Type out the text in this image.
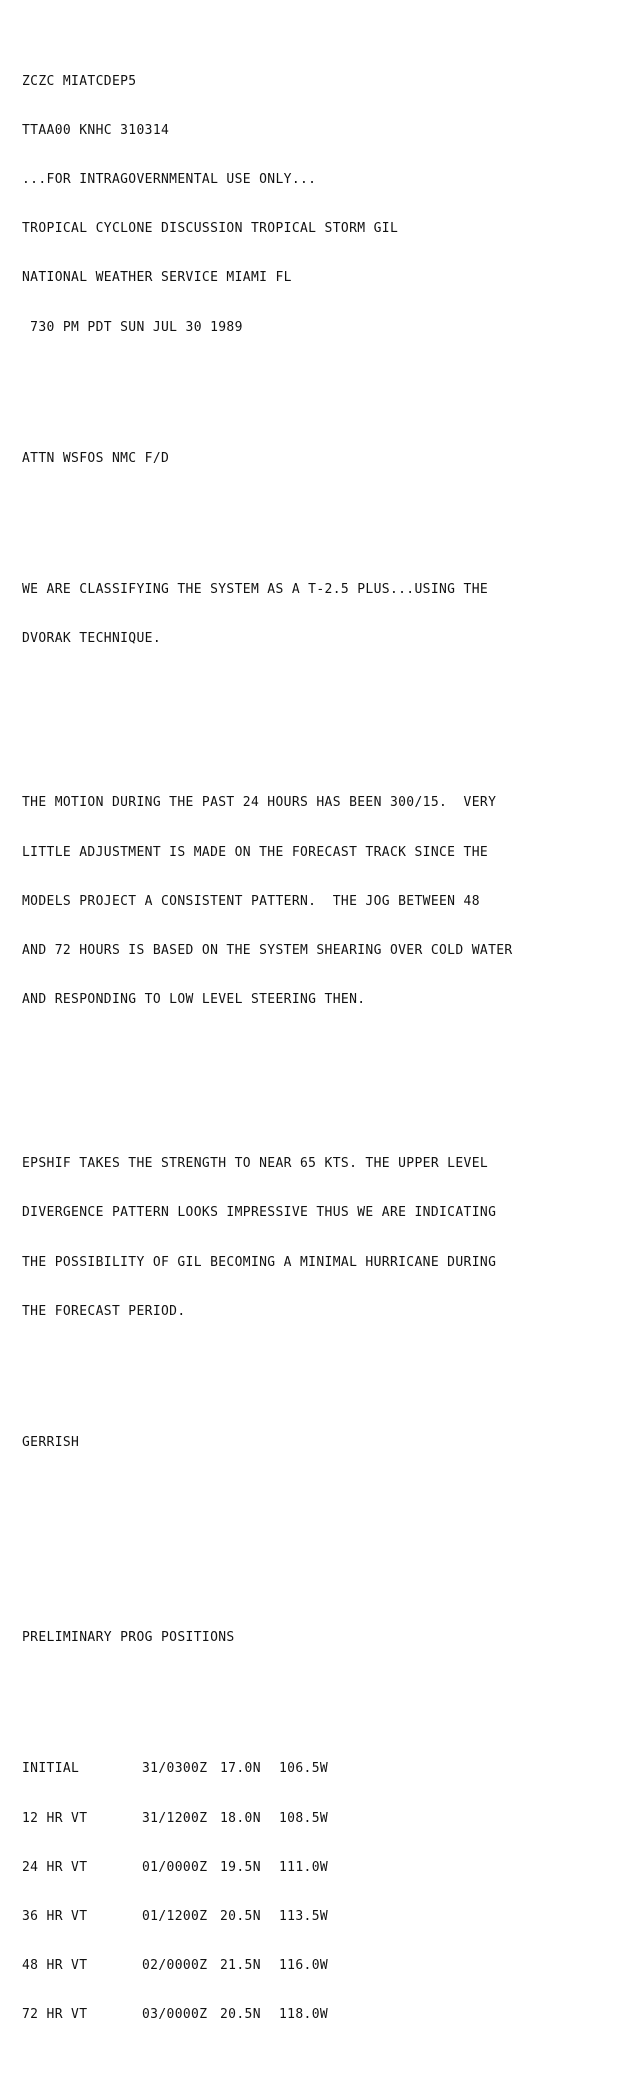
ZCZC MIATCDEP5

TTAA00 KNHC 310314

...FOR INTRAGOVERNMENTAL USE ONLY...

TROPICAL CYCLONE DISCUSSION TROPICAL STORM GIL

NATIONAL WEATHER SERVICE MIAMI FL

730 PM PDT SUN JUL 30 1989

ATTN WSFOS NMC F/D

WE ARE CLASSIFYING THE SYSTEM AS A T-2.5 PLUS...USING THE

DVORAK TECHNIQUE.

THE MOTION DURING THE PAST 24 HOURS HAS BEEN 300/15.  VERY

LITTLE ADJUSTMENT IS MADE ON THE FORECAST TRACK SINCE THE

MODELS PROJECT A CONSISTENT PATTERN.  THE JOG BETWEEN 48

AND 72 HOURS IS BASED ON THE SYSTEM SHEARING OVER COLD WATER

AND RESPONDING TO LOW LEVEL STEERING THEN.

EPSHIF TAKES THE STRENGTH TO NEAR 65 KTS. THE UPPER LEVEL

DIVERGENCE PATTERN LOOKS IMPRESSIVE THUS WE ARE INDICATING

THE POSSIBILITY OF GIL BECOMING A MINIMAL HURRICANE DURING

THE FORECAST PERIOD.

GERRISH

PRELIMINARY PROG POSITIONS

INITIAL	31/0300Z 17.0N	106.5W

12 HR VT	31/1200Z 18.0N	108.5W

24 HR VT	01/0000Z 19.5N	111.0W

36 HR VT	01/1200Z 20.5N	113.5W

48 HR VT	02/0000Z 21.5N	116.0W

72 HR VT	03/0000Z 20.5N	118.0W
